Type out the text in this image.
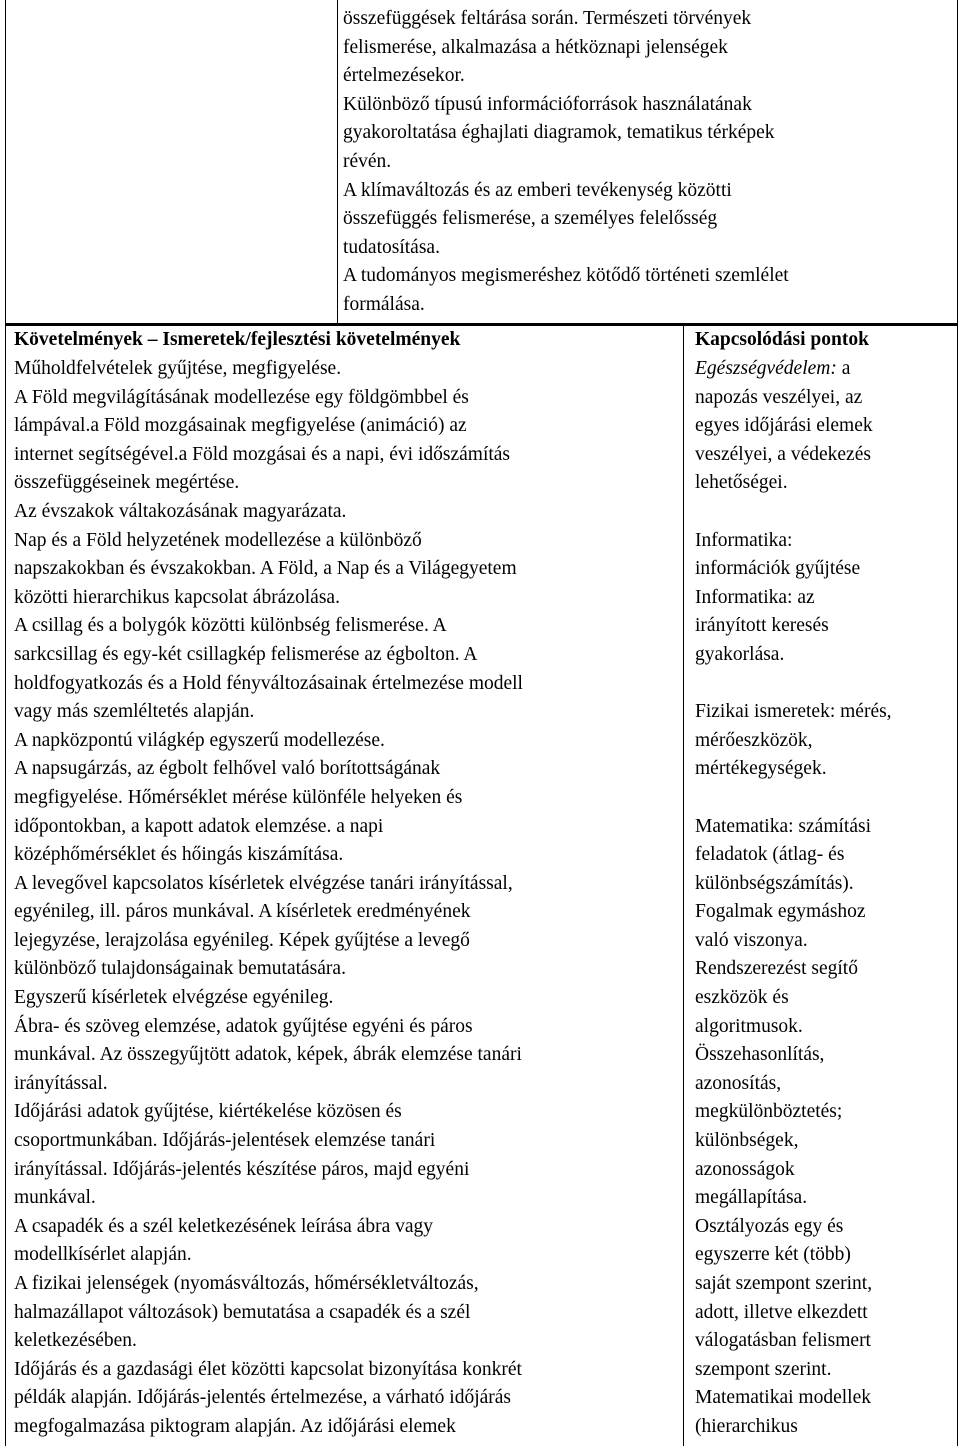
összefüggések feltárása során. Természeti törvények

felismerése, alkalmazása a hétköznapi jelenségek

értelmezésekor.

Különböző típusú információforrások használatának

gyakoroltatása éghajlati diagramok, tematikus térképek

révén.

A klímaváltozás és az emberi tevékenység közötti

összefüggés felismerése, a személyes felelősség

tudatosítása.

A tudományos megismeréshez kötődő történeti szemlélet

formálása.

Követelmények – Ismeretek/fejlesztési követelmények	Kapcsolódási pontok

Műholdfelvételek gyűjtése, megfigyelése.

A Föld megvilágításának modellezése egy földgömbbel és

lámpával.a Föld mozgásainak megfigyelése (animáció) az

internet segítségével.a Föld mozgásai és a napi, évi időszámítás

összefüggéseinek megértése.

Az évszakok váltakozásának magyarázata.

Nap és a Föld helyzetének modellezése a különböző

napszakokban és évszakokban. A Föld, a Nap és a Világegyetem

közötti hierarchikus kapcsolat ábrázolása.

A csillag és a bolygók közötti különbség felismerése. A

sarkcsillag és egy-két csillagkép felismerése az égbolton. A

holdfogyatkozás és a Hold fényváltozásainak értelmezése modell

vagy más szemléltetés alapján.

A napközpontú világkép egyszerű modellezése.

A napsugárzás, az égbolt felhővel való borítottságának

megfigyelése. Hőmérséklet mérése különféle helyeken és

időpontokban, a kapott adatok elemzése. a napi

középhőmérséklet és hőingás kiszámítása.

A levegővel kapcsolatos kísérletek elvégzése tanári irányítással,

egyénileg, ill. páros munkával. A kísérletek eredményének

lejegyzése, lerajzolása egyénileg. Képek gyűjtése a levegő

különböző tulajdonságainak bemutatására.

Egyszerű kísérletek elvégzése egyénileg.

Ábra- és szöveg elemzése, adatok gyűjtése egyéni és páros

munkával. Az összegyűjtött adatok, képek, ábrák elemzése tanári

irányítással.

Időjárási adatok gyűjtése, kiértékelése közösen és

csoportmunkában. Időjárás-jelentések elemzése tanári

irányítással. Időjárás-jelentés készítése páros, majd egyéni

munkával.

A csapadék és a szél keletkezésének leírása ábra vagy

modellkísérlet alapján.

A fizikai jelenségek (nyomásváltozás, hőmérsékletváltozás,

halmazállapot változások) bemutatása a csapadék és a szél

keletkezésében.

Időjárás és a gazdasági élet közötti kapcsolat bizonyítása konkrét

példák alapján. Időjárás-jelentés értelmezése, a várható időjárás

megfogalmazása piktogram alapján. Az időjárási elemek

Egészségvédelem: a

napozás veszélyei, az

egyes időjárási elemek

veszélyei, a védekezés

lehetőségei.

Informatika:

információk gyűjtése

Informatika: az

irányított keresés

gyakorlása.

Fizikai ismeretek: mérés,

mérőeszközök,

mértékegységek.

Matematika: számítási

feladatok (átlag- és

különbségszámítás).

Fogalmak egymáshoz

való viszonya.

Rendszerezést segítő

eszközök és

algoritmusok.

Összehasonlítás,

azonosítás,

megkülönböztetés;

különbségek,

azonosságok

megállapítása.

Osztályozás egy és

egyszerre két (több)

saját szempont szerint,

adott, illetve elkezdett

válogatásban felismert

szempont szerint.

Matematikai modellek

(hierarchikus
